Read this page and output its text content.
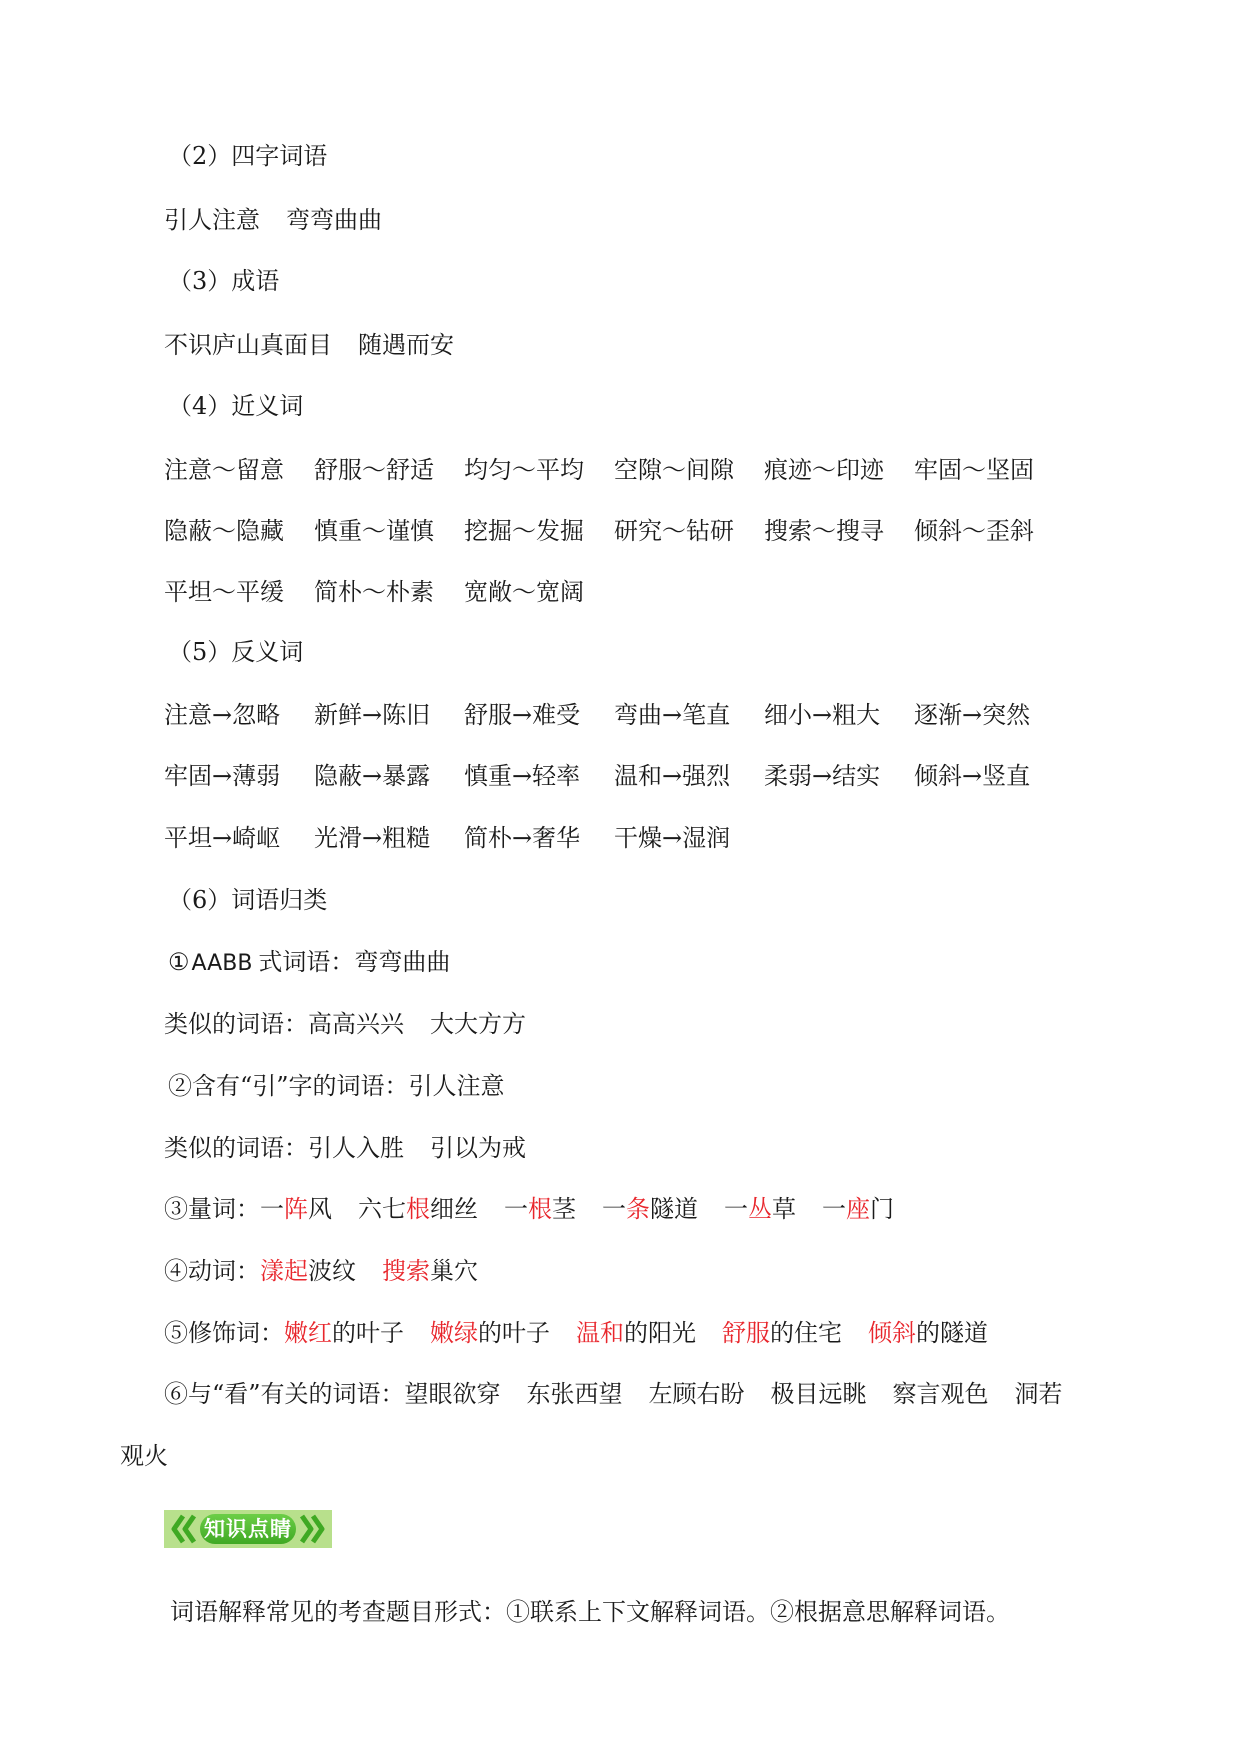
（2）四字词语
引人注意 弯弯曲曲
（3）成语
不识庐山真面目 随遇而安
（4）近义词
注意～留意 舒服～舒适 均匀～平均 空隙～间隙 痕迹～印迹 牢固～坚固
隐蔽～隐藏 慎重～谨慎 挖掘～发掘 研究～钻研 搜索～搜寻 倾斜～歪斜
平坦～平缓 简朴～朴素 宽敞～宽阔
（5）反义词
注意→忽略 新鲜→陈旧 舒服→难受 弯曲→笔直 细小→粗大 逐渐→突然
牢固→薄弱 隐蔽→暴露 慎重→轻率 温和→强烈 柔弱→结实 倾斜→竖直
平坦→崎岖 光滑→粗糙 简朴→奢华 干燥→湿润
（6）词语归类
①AABB 式词语：弯弯曲曲
类似的词语：高高兴兴 大大方方
②含有“引”字的词语：引人注意
类似的词语：引人入胜 引以为戒
③量词：一阵风 六七根细丝 一根茎 一条隧道 一丛草 一座门
④动词：漾起波纹 搜索巢穴
⑤修饰词：嫩红的叶子 嫩绿的叶子 温和的阳光 舒服的住宅 倾斜的隧道
⑥与“看”有关的词语：望眼欲穿 东张西望 左顾右盼 极目远眺 察言观色 洞若
观火
知识点睛
词语解释常见的考查题目形式：①联系上下文解释词语。②根据意思解释词语。
